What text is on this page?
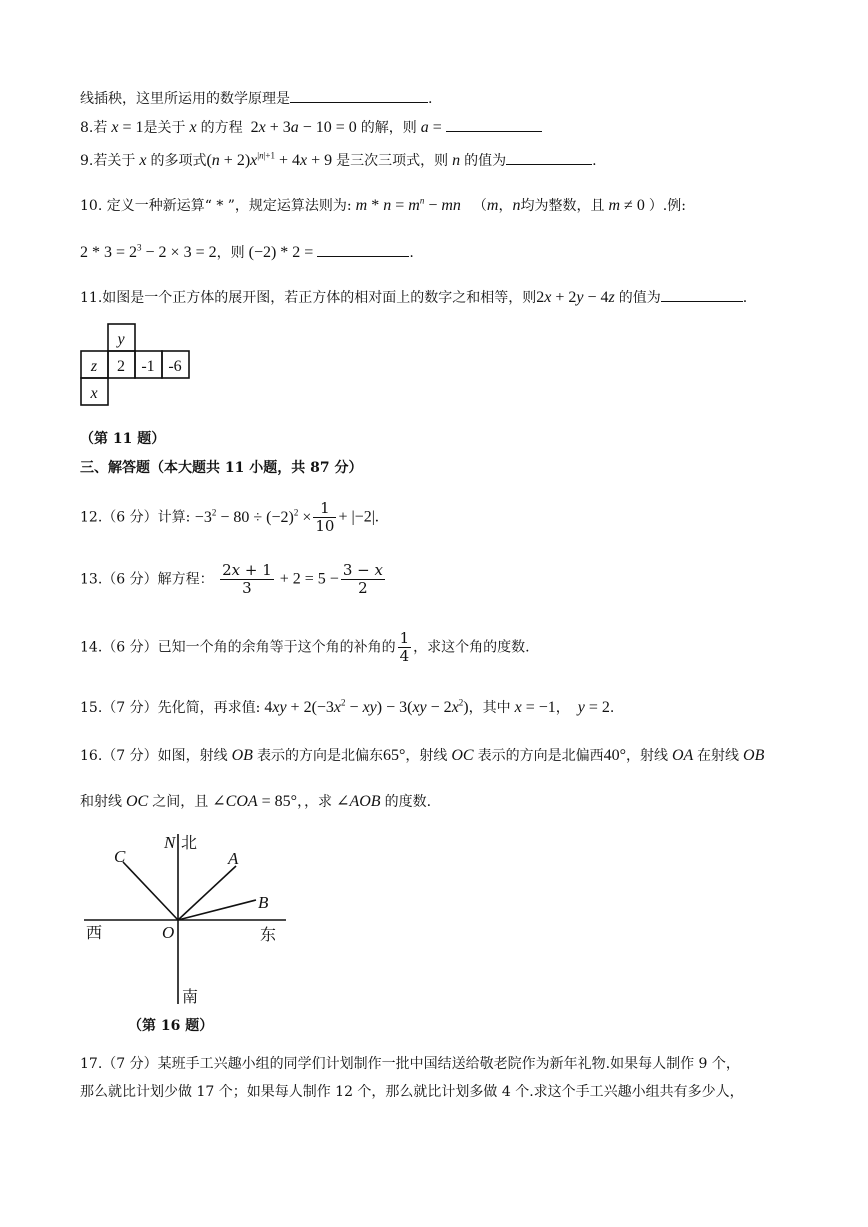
线插秧，这里所运用的数学原理是	.
8.若 x = 1是关于 x 的方程  2x + 3a − 10 = 0 的解，则 a =
9.若关于 x 的多项式$(n + 2)x^{|n|+1} + 4x + 9$ 是三次三项式，则 n 的值为	.
10. 定义一种新运算“ * ”，规定运算法则为: $m * n = m^n$ − mn （m，n均为整数，且 m ≠ 0 ）.例:
$2 * 3 = 2^3 - 2 \times 3 = 2$，则 (−2) * 2 =	.
11.如图是一个正方体的展开图，若正方体的相对面上的数字之和相等，则2x + 2y − 4z 的值为	.
y
z 2 -1 -6
x
（第 11 题）
三、解答题（本大题共 11 小题，共 87 分）
12.（6 分）计算: $-3^2 - 80 \div (-2)^2 \times \frac{1}{10} + |-2|$.
13.（6 分）解方程： $\frac{2x + 1}{3} + 2 = 5 - \frac{3 - x}{2}$
14.（6 分）已知一个角的余角等于这个角的补角的 $\frac{1}{4}$ ，求这个角的度数.
15.（7 分）先化简，再求值: $4xy + 2(-3x^2 - xy) - 3(xy - 2x^2)$，其中 x = −1， y = 2.
16.（7 分）如图，射线 OB 表示的方向是北偏东65°，射线 OC 表示的方向是北偏西40°，射线 OA 在射线 OB
和射线 OC 之间，且 ∠COA = 85°，，求 ∠AOB 的度数.
N 北
C	A
B
西	O	东
南
（第 16 题）
17.（7 分）某班手工兴趣小组的同学们计划制作一批中国结送给敬老院作为新年礼物.如果每人制作 9 个，
那么就比计划少做 17 个；如果每人制作 12 个，那么就比计划多做 4 个.求这个手工兴趣小组共有多少人，
